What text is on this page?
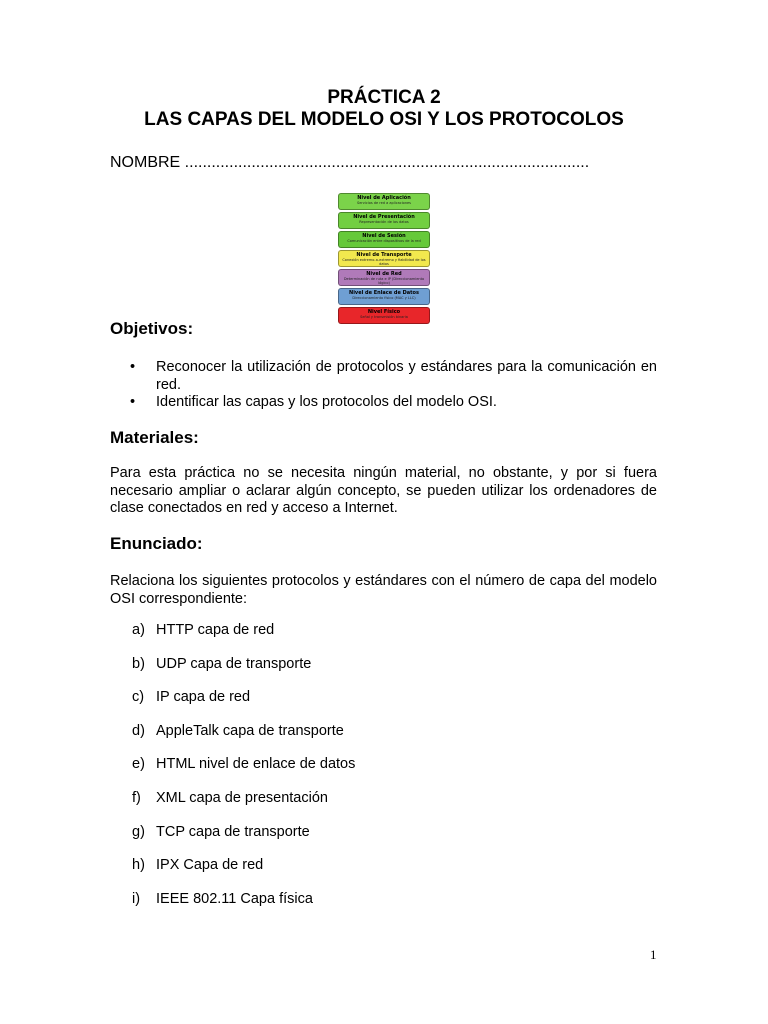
PRÁCTICA 2
LAS CAPAS DEL MODELO OSI Y LOS PROTOCOLOS
NOMBRE ...........................................................................................
Nivel de Aplicación
Servicios de red a aplicaciones
Nivel de Presentación
Representación de los datos
Nivel de Sesión
Comunicación entre dispositivos de la red
Nivel de Transporte
Conexión extremo-a-extremo y fiabilidad de los datos
Nivel de Red
Determinación de ruta e IP (Direccionamiento lógico)
Nivel de Enlace de Datos
Direccionamiento físico (MAC y LLC)
Nivel Físico
Señal y transmisión binaria
Objetivos:
• Reconocer la utilización de protocolos y estándares para la comunicación en red.
• Identificar las capas y los protocolos del modelo OSI.
Materiales:
Para esta práctica no se necesita ningún material, no obstante, y por si fuera necesario ampliar o aclarar algún concepto, se pueden utilizar los ordenadores de clase conectados en red y acceso a Internet.
Enunciado:
Relaciona los siguientes protocolos y estándares con el número de capa del modelo OSI correspondiente:
a) HTTP capa de red
b) UDP capa de transporte
c) IP capa de red
d) AppleTalk capa de transporte
e) HTML nivel de enlace de datos
f) XML capa de presentación
g) TCP capa de transporte
h) IPX Capa de red
i) IEEE 802.11 Capa física
1
